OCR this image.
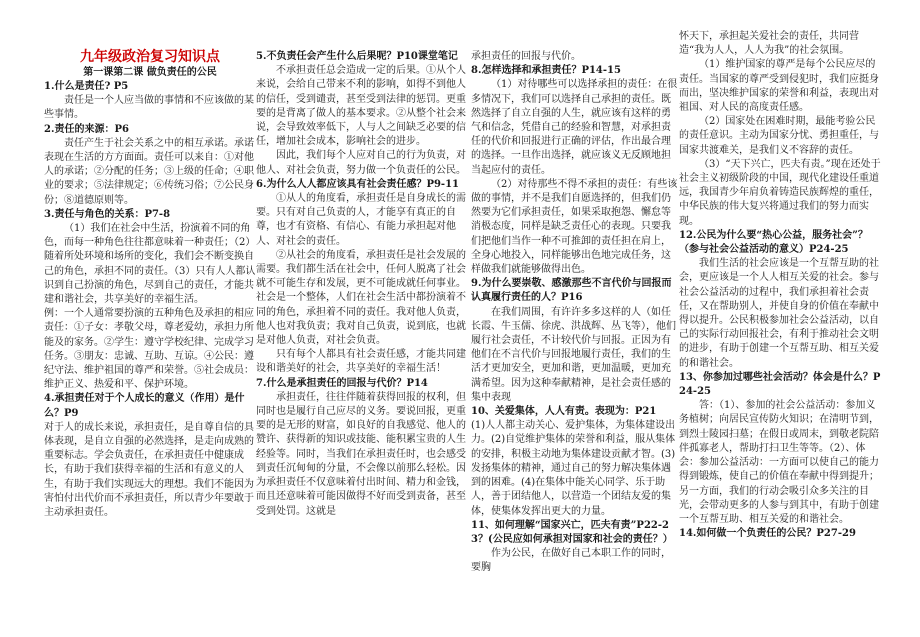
九年级政治复习知识点
第一课第二课 做负责任的公民
1.什么是责任? P5
责任是一个人应当做的事情和不应该做的某些事情。
2.责任的来源：P6
责任产生于社会关系之中的相互承诺。承诺表现在生活的方方面面。责任可以来自：①对他人的承诺；②分配的任务；③上级的任命；④职业的要求；⑤法律规定；⑥传统习俗；⑦公民身份；⑧道德原则等。
3.责任与角色的关系：P7-8
（1）我们在社会中生活，扮演着不同的角色，而每一种角色往往都意味着一种责任；（2）随着所处环境和场所的变化，我们会不断变换自己的角色，承担不同的责任。（3）只有人人都认识到自己扮演的角色，尽到自己的责任，才能共建和谐社会，共享美好的幸福生活。
例：一个人通常要扮演的五种角色及承担的相应责任：①子女：孝敬父母，尊老爱幼，承担力所能及的家务。②学生：遵守学校纪律、完成学习任务。③朋友：忠诚、互助、互谅。④公民：遵纪守法、维护祖国的尊严和荣誉。⑤社会成员：维护正义、热爱和平、保护环境。
4.承担责任对于个人成长的意义（作用）是什么？P9
对于人的成长来说，承担责任，是自尊自信的具体表现，是自立自强的必然选择，是走向成熟的重要标志。学会负责任，在承担责任中健康成长，有助于我们获得幸福的生活和有意义的人生，有助于我们实现远大的理想。我们不能因为害怕付出代价而不承担责任，所以青少年要敢于主动承担责任。
5.不负责任会产生什么后果呢？P10课堂笔记
不承担责任总会造成一定的后果。①从个人来说，会给自己带来不利的影响，如得不到他人的信任，受到谴责，甚至受到法律的惩罚。更重要的是背离了做人的基本要求。②从整个社会来说，会导致效率低下，人与人之间缺乏必要的信任，增加社会成本，影响社会的进步。
因此，我们每个人应对自己的行为负责，对他人、对社会负责，努力做一个负责任的公民。
6.为什么人人都应该具有社会责任感？P9-11
①从人的角度看，承担责任是自身成长的需要。只有对自己负责的人，才能享有真正的自尊，也才有资格、有信心、有能力承担起对他人、对社会的责任。
②从社会的角度看，承担责任是社会发展的需要。我们都生活在社会中，任何人脱离了社会就不可能生存和发展，更不可能成就任何事业。社会是一个整体，人们在社会生活中都扮演着不同的角色，承担着不同的责任。我对他人负责，他人也对我负责；我对自己负责，说到底，也就是对他人负责，对社会负责。
只有每个人都具有社会责任感，才能共同建设和谐美好的社会，共享美好的幸福生活！
7.什么是承担责任的回报与代价？P14
承担责任，往往伴随着获得回报的权利，但同时也是履行自己应尽的义务。要说回报，更重要的是无形的财富，如良好的自我感觉、他人的赞许、获得新的知识或技能、能积累宝贵的人生经验等。同时，当我们在承担责任时，也会感受到责任沉甸甸的分量，不会像以前那么轻松。因为承担责任不仅意味着付出时间、精力和金钱，而且还意味着可能因做得不好而受到责备，甚至受到处罚。这就是
承担责任的回报与代价。
8.怎样选择和承担责任？P14-15
（1）对待哪些可以选择承担的责任：在很多情况下，我们可以选择自己承担的责任。既然选择了自立自强的人生，就应该有这样的勇气和信念，凭借自己的经验和智慧，对承担责任的代价和回报进行正确的评估，作出最合理的选择。一旦作出选择，就应该义无反顾地担当起应付的责任。
（2）对待那些不得不承担的责任：有些该做的事情，并不是我们自愿选择的，但我们仍然要为它们承担责任，如果采取抱怨、懈怠等消极态度，同样是缺乏责任心的表现。只要我们把他们当作一种不可推卸的责任担在肩上，全身心地投入，同样能够出色地完成任务，这样做我们就能够做得出色。
9.为什么要崇敬、感激那些不言代价与回报而认真履行责任的人？P16
在我们周围，有许许多多这样的人（如任长霞、牛玉儒、徐虎、洪战辉、丛飞等），他们履行社会责任，不计较代价与回报。正因为有他们在不言代价与回报地履行责任，我们的生活才更加安全，更加和谐，更加温暖，更加充满希望。因为这种奉献精神，是社会责任感的集中表现
10、关爱集体，人人有责。表现为：P21
(1)人人都主动关心、爱护集体，为集体建设出力。(2)自觉维护集体的荣誉和利益，服从集体的安排，积极主动地为集体建设贡献才智。(3)发扬集体的精神，通过自己的努力解决集体遇到的困难。(4)在集体中能关心同学、乐于助人，善于团结他人，以营造一个团结友爱的集体，使集体发挥出更大的力量。
11、如何理解“国家兴亡，匹夫有责”P22-23？(公民应如何承担对国家和社会的责任？）
作为公民，在做好自己本职工作的同时，要胸
怀天下，承担起关爱社会的责任，共同营造“我为人人，人人为我”的社会氛围。
（1）维护国家的尊严是每个公民应尽的责任。当国家的尊严受到侵犯时，我们应挺身而出，坚决维护国家的荣誉和利益，表现出对祖国、对人民的高度责任感。
（2）国家处在困难时期，最能考验公民的责任意识。主动为国家分忧、勇担重任，与国家共渡难关，是我们义不容辞的责任。
（3）“天下兴亡，匹夫有责。”现在还处于社会主义初级阶段的中国，现代化建设任重道远，我国青少年肩负着铸造民族辉煌的重任，中华民族的伟大复兴将通过我们的努力而实现。
12.公民为什么要“热心公益，服务社会”？（参与社会公益活动的意义）P24-25
我们生活的社会应该是一个互帮互助的社会，更应该是一个人人相互关爱的社会。参与社会公益活动的过程中，我们承担着社会责任，又在帮助别人，并使自身的价值在奉献中得以提升。公民积极参加社会公益活动，以自己的实际行动回报社会，有利于推动社会文明的进步，有助于创建一个互帮互助、相互关爱的和谐社会。
13、你参加过哪些社会活动？体会是什么？P24-25
答：（1）、参加的社会公益活动：参加义务植树；向居民宣传防火知识；在清明节到，到烈士陵园扫墓；在假日或周末，到敬老院陪伴孤寡老人，帮助打扫卫生等等。（2）、体会：参加公益活动：一方面可以使自己的能力得到锻炼，使自己的价值在奉献中得到提升；另一方面，我们的行动会吸引众多关注的目光，会带动更多的人参与到其中，有助于创建一个互帮互助、相互关爱的和谐社会。
14.如何做一个负责任的公民？P27-29
